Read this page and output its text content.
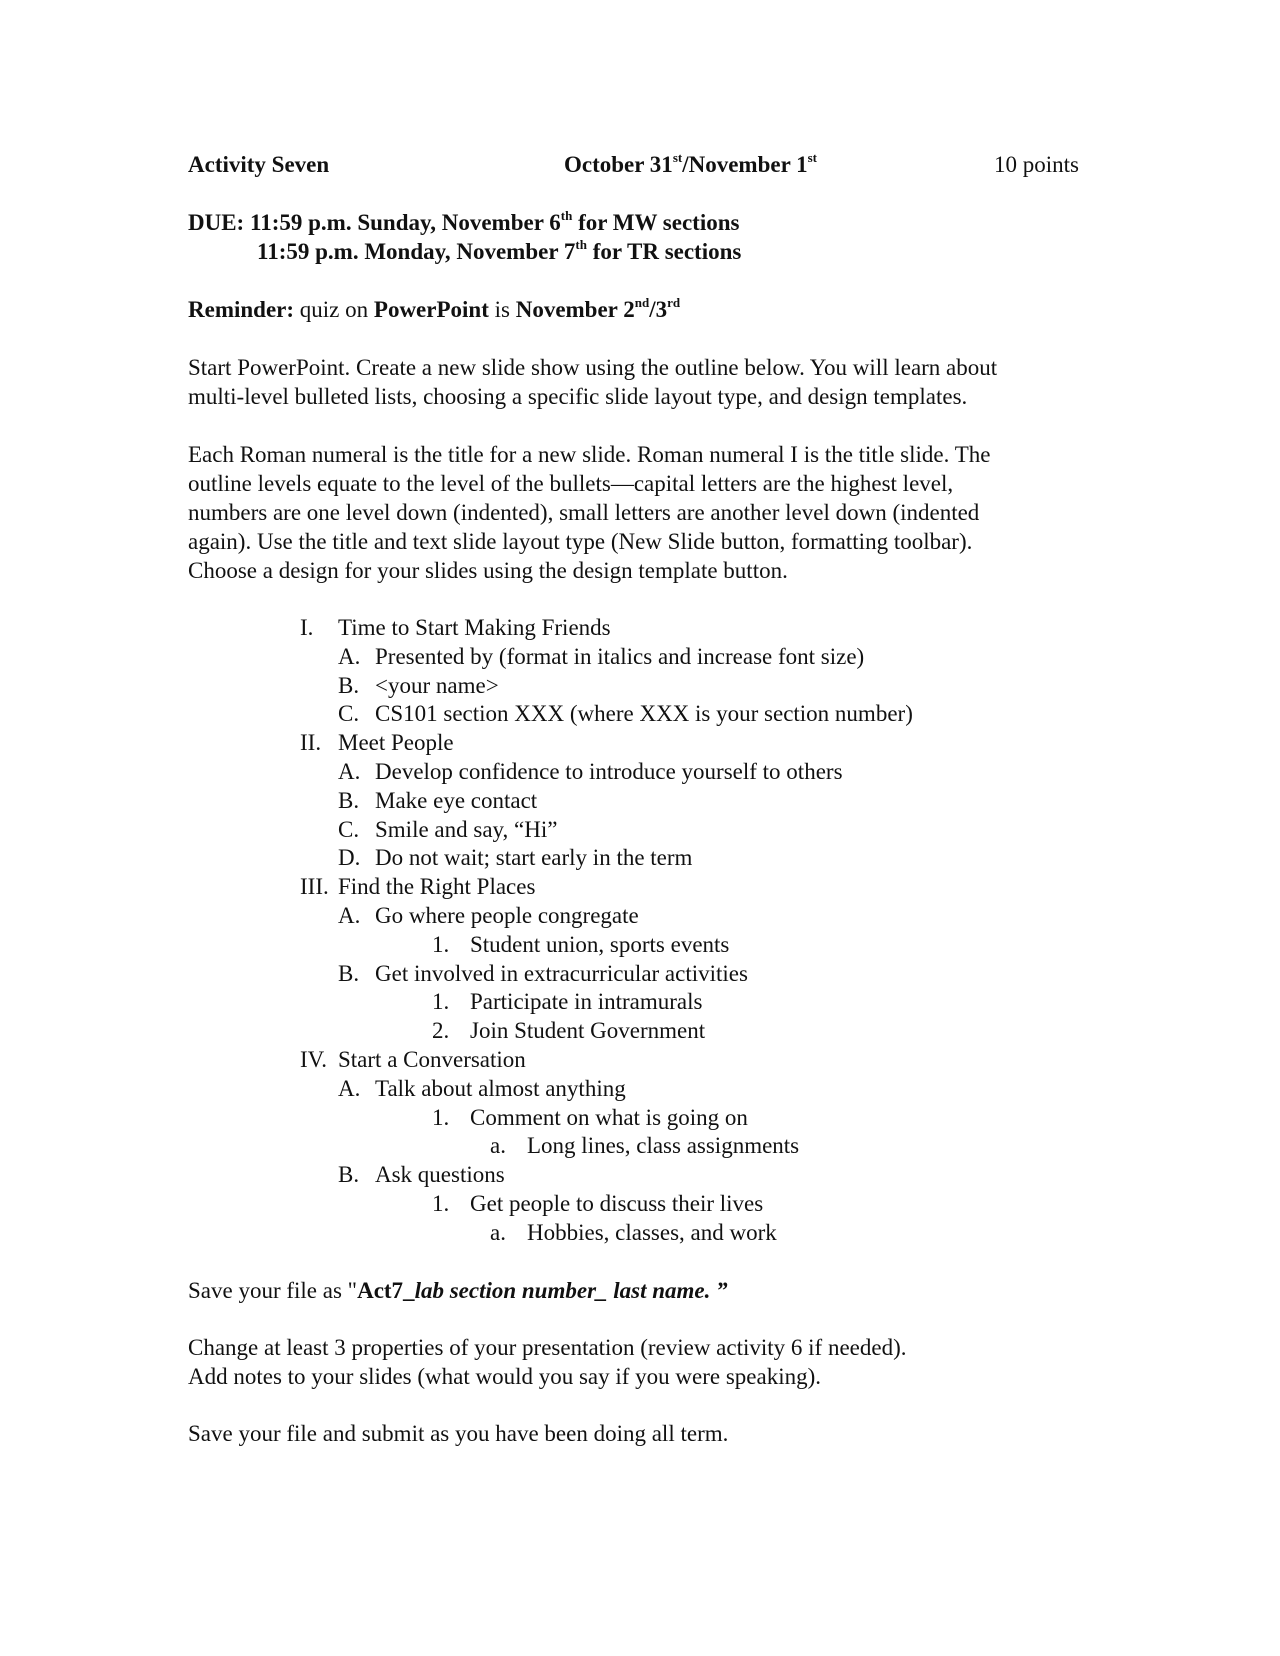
Activity Seven	October 31st/November 1st	10 points
DUE: 11:59 p.m. Sunday, November 6th for MW sections
11:59 p.m. Monday, November 7th for TR sections
Reminder: quiz on PowerPoint is November 2nd/3rd
Start PowerPoint. Create a new slide show using the outline below. You will learn about
multi-level bulleted lists, choosing a specific slide layout type, and design templates.
Each Roman numeral is the title for a new slide. Roman numeral I is the title slide. The
outline levels equate to the level of the bullets—capital letters are the highest level,
numbers are one level down (indented), small letters are another level down (indented
again). Use the title and text slide layout type (New Slide button, formatting toolbar).
Choose a design for your slides using the design template button.
I. Time to Start Making Friends
A. Presented by (format in italics and increase font size)
B. <your name>
C. CS101 section XXX (where XXX is your section number)
II. Meet People
A. Develop confidence to introduce yourself to others
B. Make eye contact
C. Smile and say, “Hi”
D. Do not wait; start early in the term
III. Find the Right Places
A. Go where people congregate
1. Student union, sports events
B. Get involved in extracurricular activities
1. Participate in intramurals
2. Join Student Government
IV. Start a Conversation
A. Talk about almost anything
1. Comment on what is going on
a. Long lines, class assignments
B. Ask questions
1. Get people to discuss their lives
a. Hobbies, classes, and work
Save your file as "Act7_lab section number_ last name. ”
Change at least 3 properties of your presentation (review activity 6 if needed).
Add notes to your slides (what would you say if you were speaking).
Save your file and submit as you have been doing all term.
